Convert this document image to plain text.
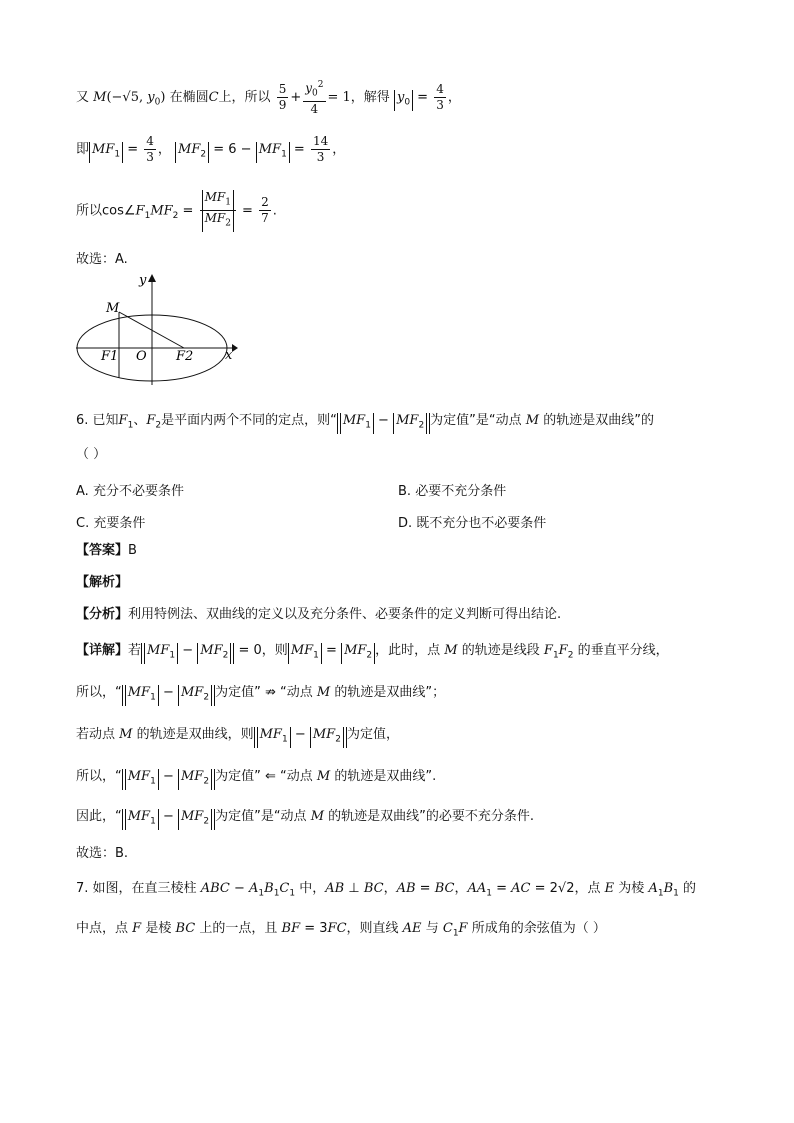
又 M(−√5, $y_0$) 在椭圆C上，所以 $\frac{5}{9} + \frac{y_0^2}{4} = 1$，解得 $y_0 = \frac{4}{3}$ ，
即 $MF_1 = \frac{4}{3}$ ， $MF_2 = 6 - MF_1 = \frac{14}{3}$ ，
所以$\cos\angle F_1MF_2 = \frac{MF_1}{MF_2} = \frac{2}{7}$ .
故选：A.
y
M
F1 O F2 x
6. 已知$F_1$、$F_2$是平面内两个不同的定点，则“ $MF_1 - MF_2$ 为定值”是“动点 M 的轨迹是双曲线”的
（ ）
A. 充分不必要条件	B. 必要不充分条件
C. 充要条件	D. 既不充分也不必要条件
【答案】B
【解析】
【分析】利用特例法、双曲线的定义以及充分条件、必要条件的定义判断可得出结论.
【详解】若 $MF_1 - MF_2 = 0$，则 $MF_1 = MF_2$ ，此时，点 M 的轨迹是线段 $F_1F_2$ 的垂直平分线，
所以，“ $MF_1 - MF_2$ 为定值” ⇏ “动点 M 的轨迹是双曲线”；
若动点 M 的轨迹是双曲线，则 $MF_1 - MF_2$ 为定值，
所以，“ $MF_1 - MF_2$ 为定值” ⇐ “动点 M 的轨迹是双曲线”.
因此，“ $MF_1 - MF_2$ 为定值”是“动点 M 的轨迹是双曲线”的必要不充分条件.
故选：B.
7. 如图，在直三棱柱 ABC − $A_1B_1C_1$ 中，AB ⊥ BC，AB = BC，$AA_1$ = AC = 2√2，点 E 为棱 $A_1B_1$ 的
中点，点 F 是棱 BC 上的一点，且 BF = 3FC，则直线 AE 与 $C_1F$ 所成角的余弦值为（ ）
